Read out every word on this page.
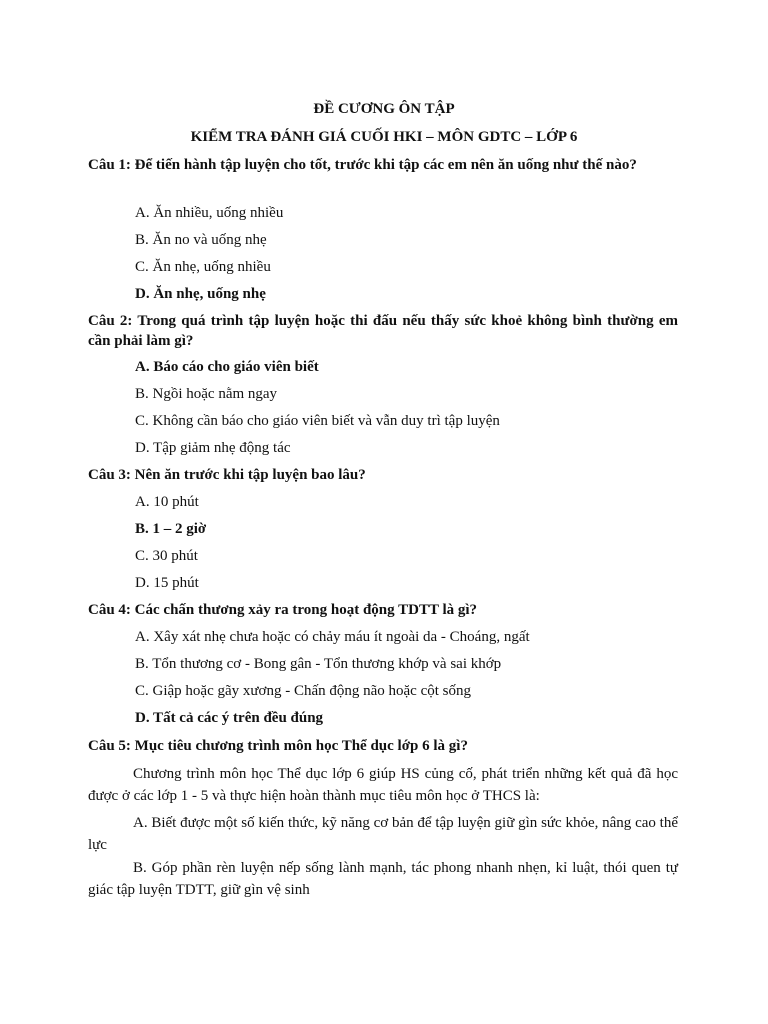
ĐỀ CƯƠNG ÔN TẬP
KIỂM TRA ĐÁNH GIÁ CUỐI HKI – MÔN GDTC – LỚP 6
Câu 1: Để tiến hành tập luyện cho tốt, trước khi tập các em nên ăn uống như thế nào?
A. Ăn nhiều, uống nhiều
B. Ăn no và uống nhẹ
C. Ăn nhẹ, uống nhiều
D. Ăn nhẹ, uống nhẹ
Câu 2: Trong quá trình tập luyện hoặc thi đấu nếu thấy sức khoẻ không bình thường em cần phải làm gì?
A. Báo cáo cho giáo viên biết
B. Ngồi hoặc nằm ngay
C. Không cần báo cho giáo viên biết và vẫn duy trì tập luyện
D. Tập giảm nhẹ động tác
Câu 3: Nên ăn trước khi tập luyện bao lâu?
A. 10 phút
B. 1 – 2 giờ
C. 30 phút
D. 15 phút
Câu 4: Các chấn thương xảy ra trong hoạt động TDTT là gì?
A. Xây xát nhẹ chưa hoặc có chảy máu ít ngoài da - Choáng, ngất
B. Tổn thương cơ - Bong gân - Tổn thương khớp và sai khớp
C. Giập hoặc gãy xương - Chấn động não hoặc cột sống
D. Tất cả các ý trên đều đúng
Câu 5: Mục tiêu chương trình môn học Thể dục lớp 6 là gì?
Chương trình môn học Thể dục lớp 6 giúp HS củng cố, phát triển những kết quả đã học được ở các lớp 1 - 5 và thực hiện hoàn thành mục tiêu môn học ở THCS là:
A. Biết được một số kiến thức, kỹ năng cơ bản để tập luyện giữ gìn sức khỏe, nâng cao thể lực
B. Góp phần rèn luyện nếp sống lành mạnh, tác phong nhanh nhẹn, kỉ luật, thói quen tự giác tập luyện TDTT, giữ gìn vệ sinh
